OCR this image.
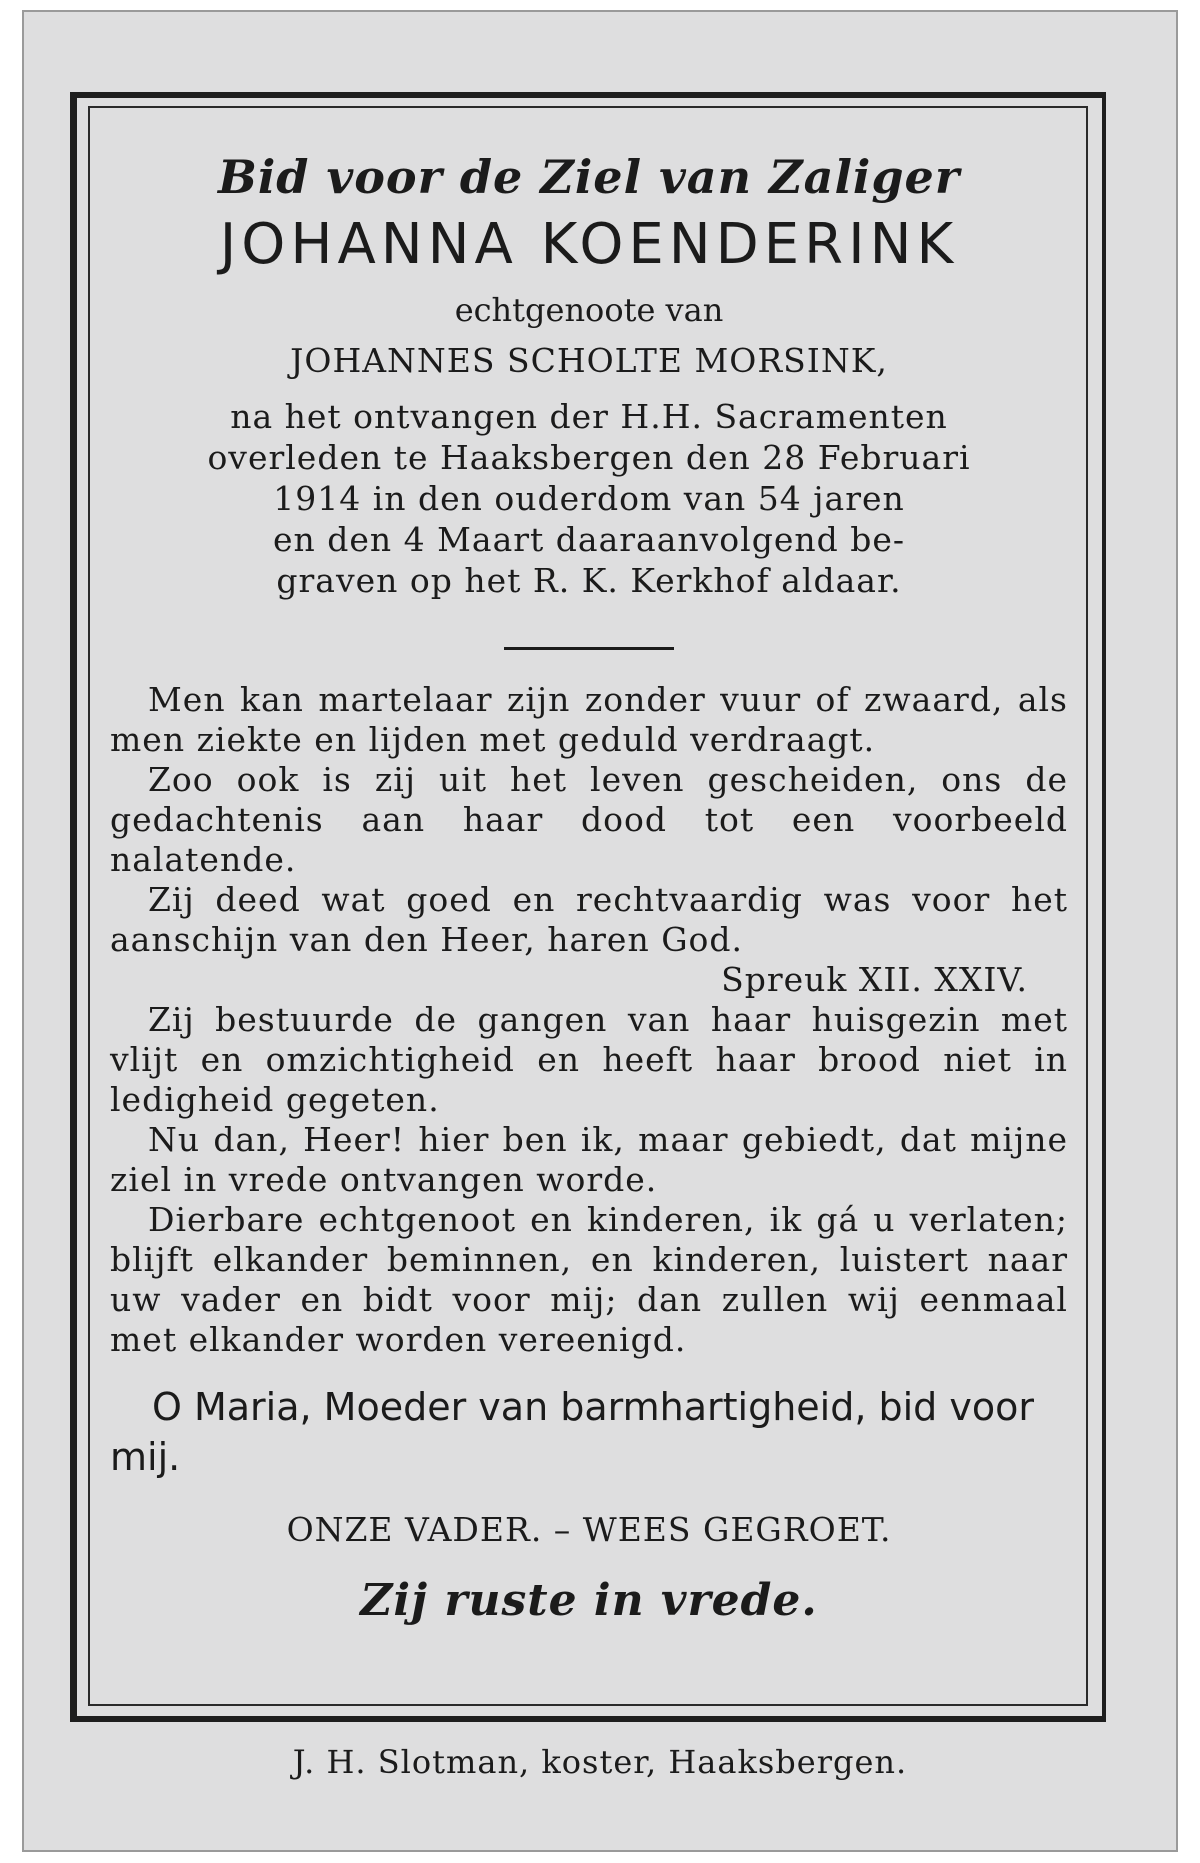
Bid voor de Ziel van Zaliger
JOHANNA KOENDERINK
echtgenoote van
JOHANNES SCHOLTE MORSINK,
na het ontvangen der H.H. Sacramenten
overleden te Haaksbergen den 28 Februari
1914 in den ouderdom van 54 jaren
en den 4 Maart daaraanvolgend be-
graven op het R. K. Kerkhof aldaar.

Men kan martelaar zijn zonder vuur of zwaard, als men ziekte en lijden met geduld verdraagt.

Zoo ook is zij uit het leven gescheiden, ons de gedachtenis aan haar dood tot een voorbeeld nalatende.

Zij deed wat goed en rechtvaardig was voor het aanschijn van den Heer, haren God.

Spreuk XII. XXIV.

Zij bestuurde de gangen van haar huisgezin met vlijt en omzichtigheid en heeft haar brood niet in ledigheid gegeten.

Nu dan, Heer! hier ben ik, maar gebiedt, dat mijne ziel in vrede ontvangen worde.

Dierbare echtgenoot en kinderen, ik gá u verlaten; blijft elkander beminnen, en kinderen, luistert naar uw vader en bidt voor mij; dan zullen wij eenmaal met elkander worden vereenigd.

O Maria, Moeder van barmhartigheid, bid voor mij.
ONZE VADER. – WEES GEGROET.
Zij ruste in vrede.
J. H. Slotman, koster, Haaksbergen.
